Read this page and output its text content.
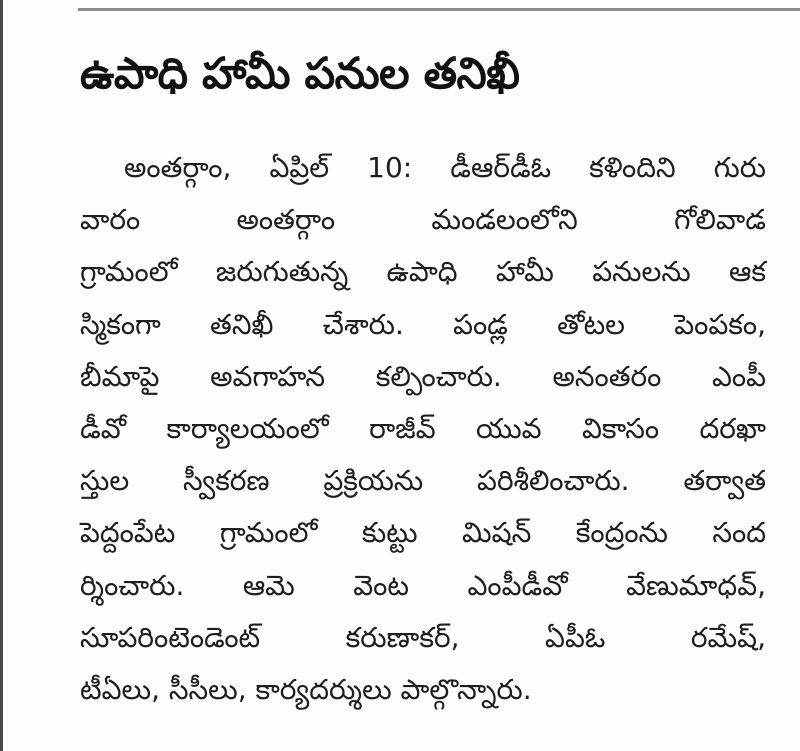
ఉపాధి హామీ పనుల తనిఖీ
అంతర్గాం, ఏప్రిల్ 10: డీఆర్‌డీఓ కళిందిని గురు
వారం అంతర్గాం మండలంలోని గోలివాడ
గ్రామంలో జరుగుతున్న ఉపాధి హామీ పనులను ఆక
స్మికంగా తనిఖీ చేశారు. పండ్ల తోటల పెంపకం,
బీమాపై అవగాహన కల్పించారు. అనంతరం ఎంపీ
డీవో కార్యాలయంలో రాజీవ్ యువ వికాసం దరఖా
స్తుల స్వీకరణ ప్రక్రియను పరిశీలించారు. తర్వాత
పెద్దంపేట గ్రామంలో కుట్టు మిషన్ కేంద్రంను సంద
ర్శించారు. ఆమె వెంట ఎంపీడీవో వేణుమాధవ్,
సూపరింటెండెంట్ కరుణాకర్, ఏపీఓ రమేష్,
టీఏలు, సీసీలు, కార్యదర్శులు పాల్గొన్నారు.
